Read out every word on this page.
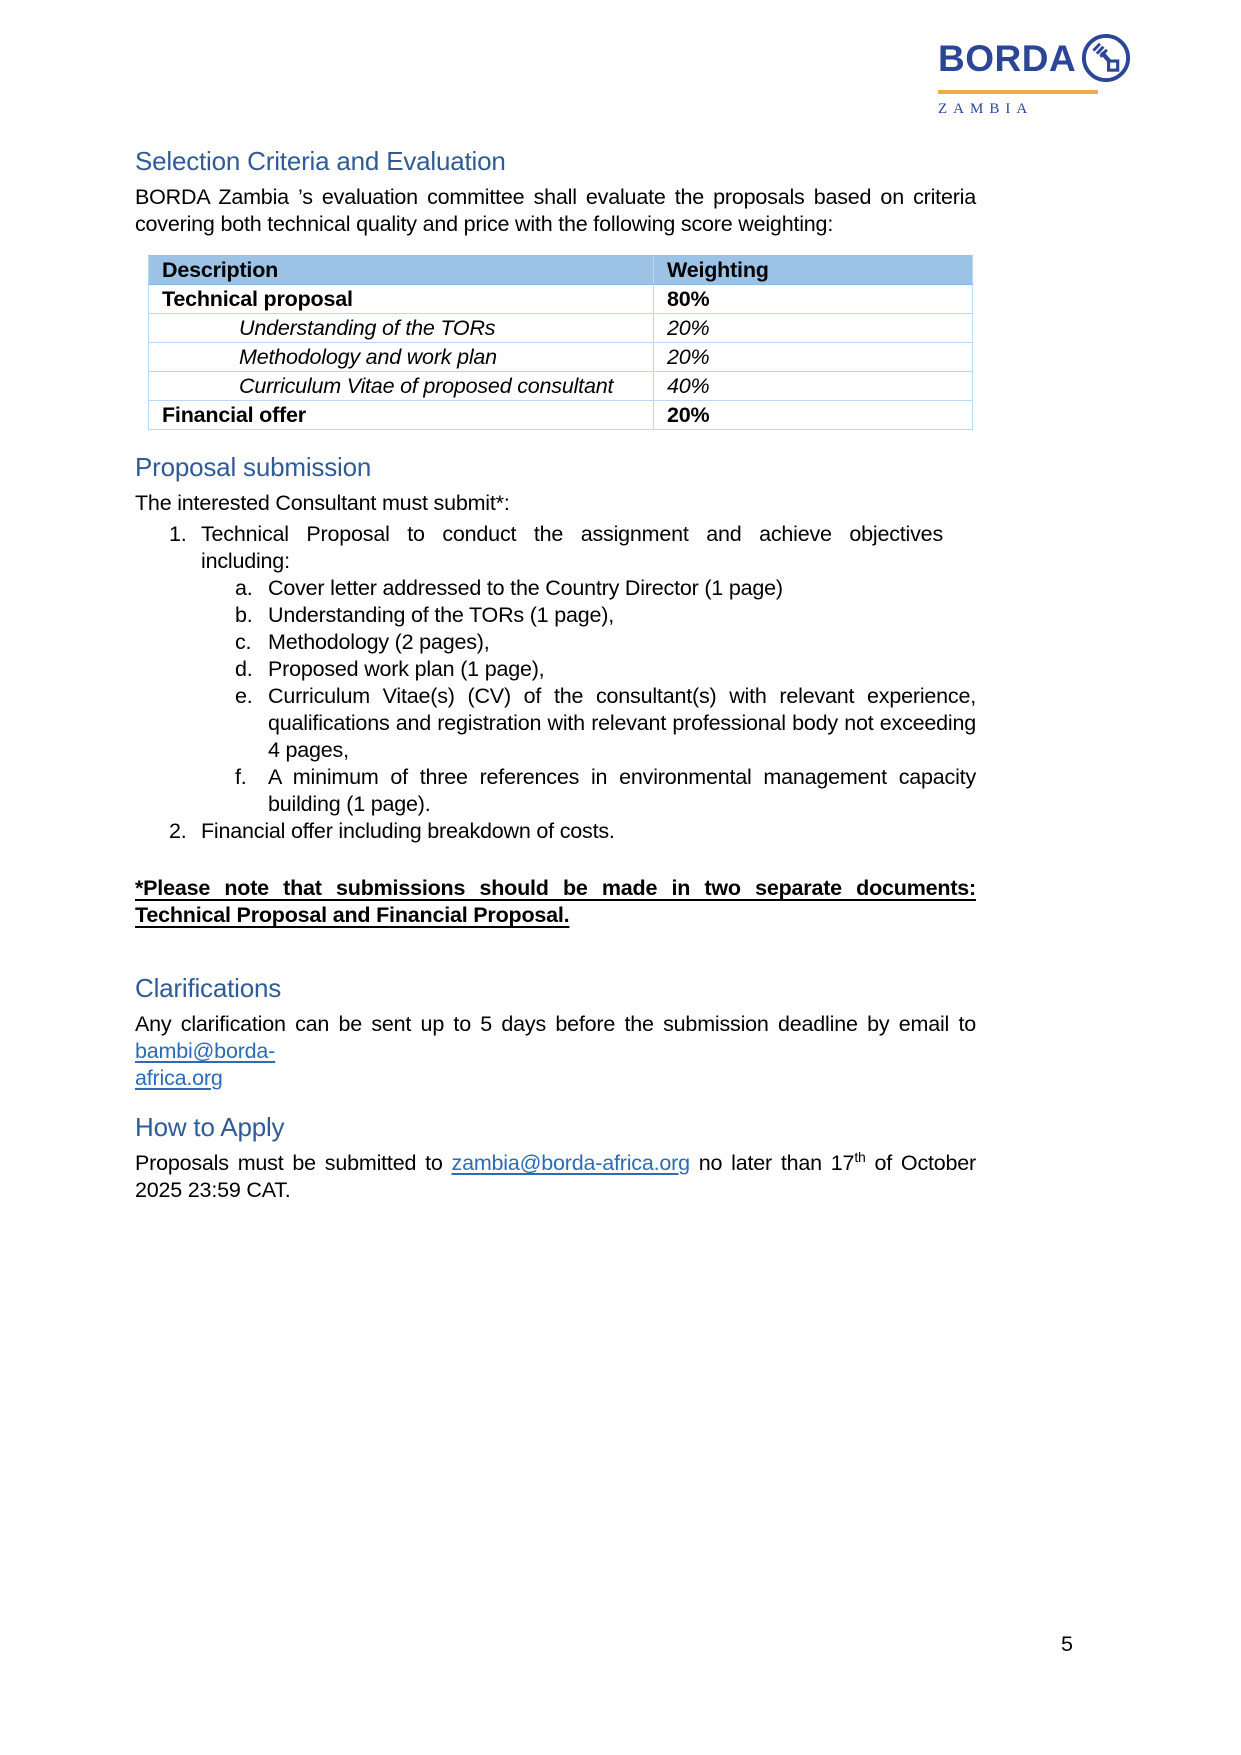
BORDA
ZAMBIA
Selection Criteria and Evaluation

BORDA Zambia ’s evaluation committee shall evaluate the proposals based on criteria covering both technical quality and price with the following score weighting:

Description	Weighting
Technical proposal	80%
Understanding of the TORs	20%
Methodology and work plan	20%
Curriculum Vitae of proposed consultant	40%
Financial offer	20%
Proposal submission

The interested Consultant must submit*:

1. Technical Proposal to conduct the assignment and achieve objectives including:
a. Cover letter addressed to the Country Director (1 page)
b. Understanding of the TORs (1 page),
c. Methodology (2 pages),
d. Proposed work plan (1 page),
e. Curriculum Vitae(s) (CV) of the consultant(s) with relevant experience, qualifications and registration with relevant professional body not exceeding 4 pages,
f. A minimum of three references in environmental management capacity building (1 page).
2. Financial offer including breakdown of costs.

*Please note that submissions should be made in two separate documents: Technical Proposal and Financial Proposal.

Clarifications

Any clarification can be sent up to 5 days before the submission deadline by email to bambi@borda-
africa.org

How to Apply

Proposals must be submitted to zambia@borda-africa.org no later than 17th of October 2025 23:59 CAT.

5
